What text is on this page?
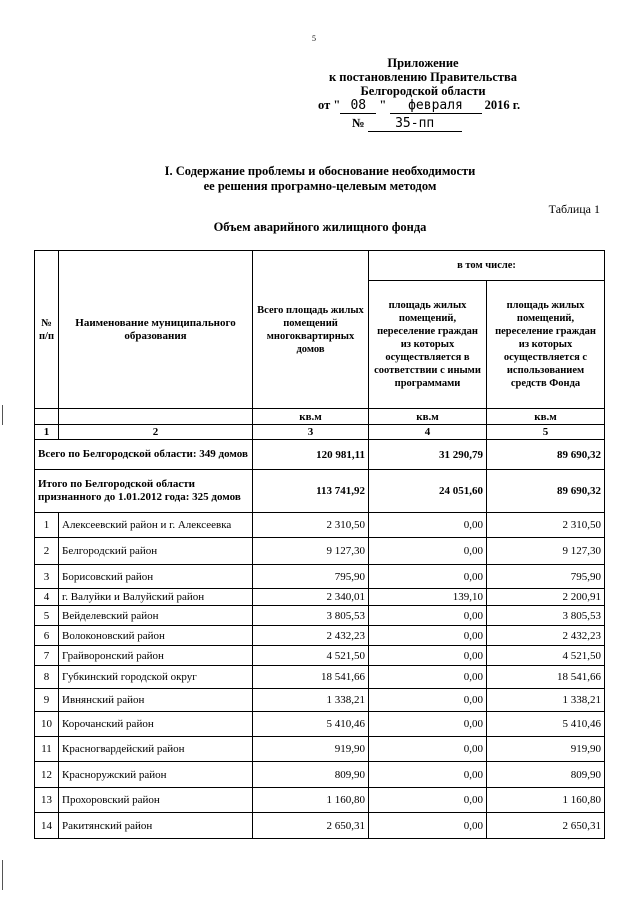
5
Приложение
к постановлению Правительства
Белгородской области
от " 08 " февраля 2016 г.
№ 35-пп
I. Содержание проблемы и обоснование необходимости
ее решения програмно-целевым методом
Таблица 1
Объем аварийного жилищного фонда
№ п/п	Наименование муниципального образования	Всего площадь жилых помещений многоквартирных домов	в том числе:	
			площадь жилых помещений, переселение граждан из которых осуществляется в соответствии с иными программами	площадь жилых помещений, переселение граждан из которых осуществляется с использованием средств Фонда
		кв.м	кв.м	кв.м
1	2	3	4	5
Всего по Белгородской области: 349 домов		120 981,11	31 290,79	89 690,32
Итого по Белгородской области признанного до 1.01.2012 года: 325 домов		113 741,92	24 051,60	89 690,32
1	Алексеевский район и г. Алексеевка	2 310,50	0,00	2 310,50
2	Белгородский район	9 127,30	0,00	9 127,30
3	Борисовский район	795,90	0,00	795,90
4	г. Валуйки и Валуйский район	2 340,01	139,10	2 200,91
5	Вейделевский район	3 805,53	0,00	3 805,53
6	Волоконовский район	2 432,23	0,00	2 432,23
7	Грайворонский район	4 521,50	0,00	4 521,50
8	Губкинский городской округ	18 541,66	0,00	18 541,66
9	Ивнянский район	1 338,21	0,00	1 338,21
10	Корочанский район	5 410,46	0,00	5 410,46
11	Красногвардейский район	919,90	0,00	919,90
12	Красноружский район	809,90	0,00	809,90
13	Прохоровский район	1 160,80	0,00	1 160,80
14	Ракитянский район	2 650,31	0,00	2 650,31
